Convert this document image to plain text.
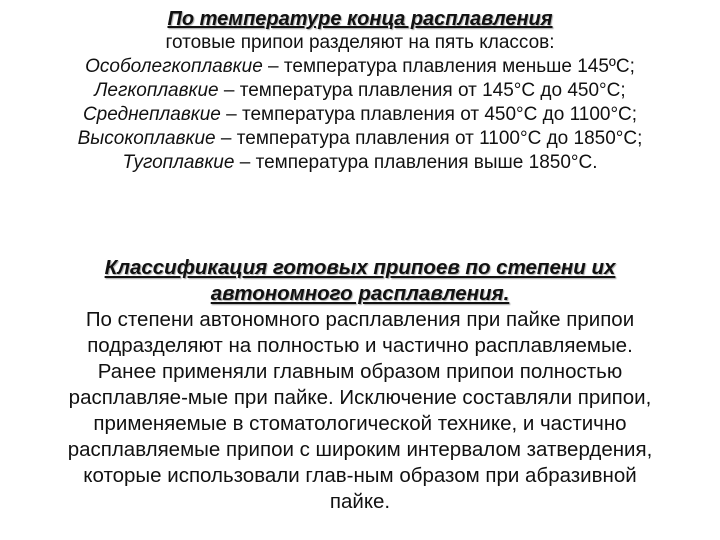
По температуре конца расплавления
готовые припои разделяют на пять классов:
Особолегкоплавкие – температура плавления меньше 145ºС;
Легкоплавкие – температура плавления от 145°С до 450°С;
Среднеплавкие – температура плавления от 450°С до 1100°С;
Высокоплавкие – температура плавления от 1100°С до 1850°С;
Тугоплавкие – температура плавления выше 1850°С.
Классификация готовых припоев по степени их
автономного расплавления.
По степени автономного расплавления при пайке припои
подразделяют на полностью и частично расплавляемые.
Ранее применяли главным образом припои полностью
расплавляе-мые при пайке. Исключение составляли припои,
применяемые в стоматологической технике, и частично
расплавляемые припои с широким интервалом затвердения,
которые использовали глав-ным образом при абразивной
пайке.
